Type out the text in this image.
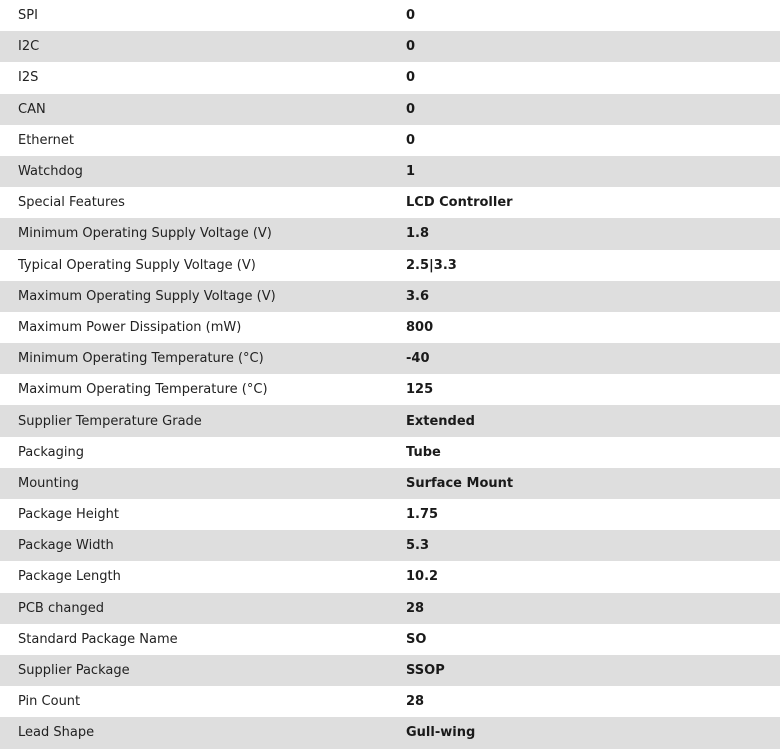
SPI	0
I2C	0
I2S	0
CAN	0
Ethernet	0
Watchdog	1
Special Features	LCD Controller
Minimum Operating Supply Voltage (V)	1.8
Typical Operating Supply Voltage (V)	2.5|3.3
Maximum Operating Supply Voltage (V)	3.6
Maximum Power Dissipation (mW)	800
Minimum Operating Temperature (°C)	-40
Maximum Operating Temperature (°C)	125
Supplier Temperature Grade	Extended
Packaging	Tube
Mounting	Surface Mount
Package Height	1.75
Package Width	5.3
Package Length	10.2
PCB changed	28
Standard Package Name	SO
Supplier Package	SSOP
Pin Count	28
Lead Shape	Gull-wing
